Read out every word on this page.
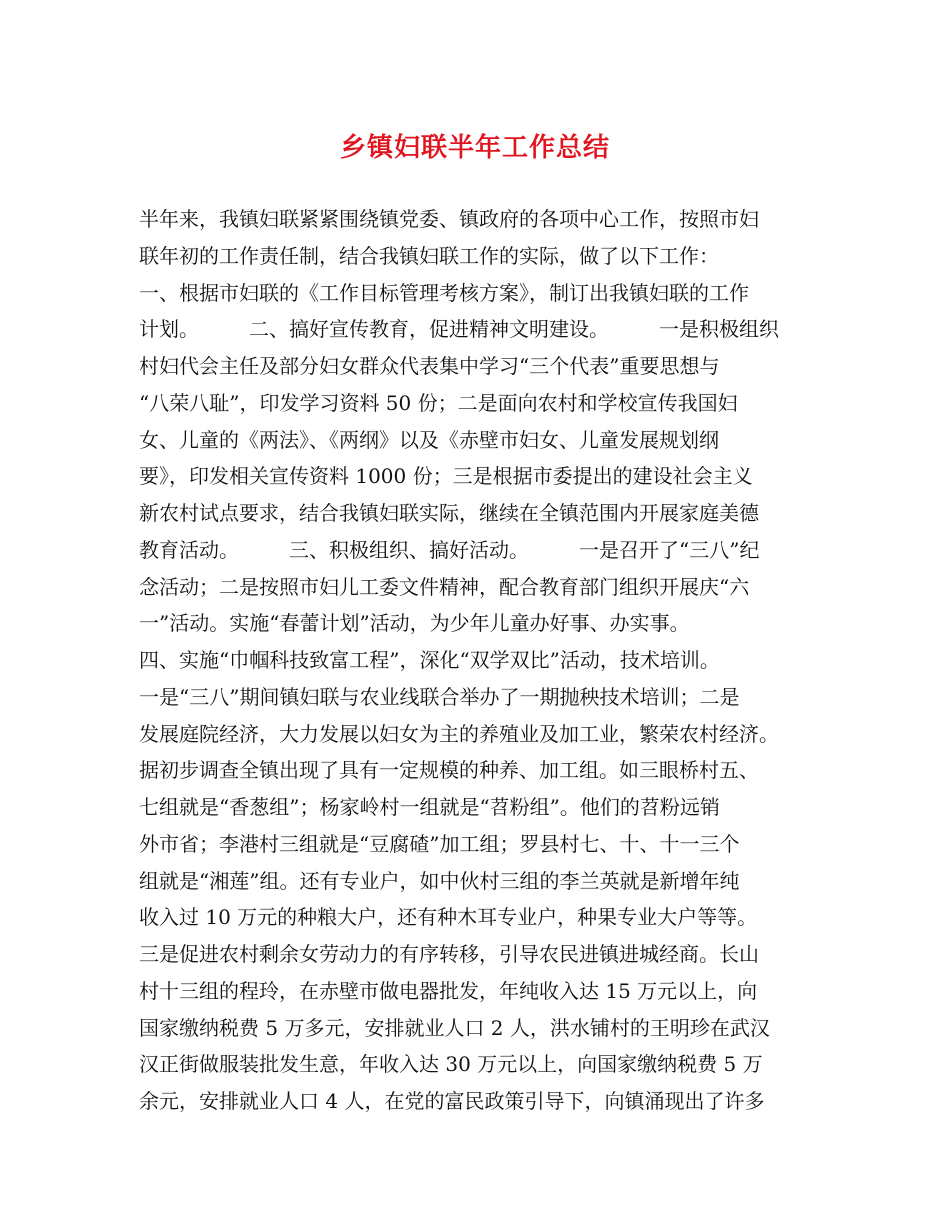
乡镇妇联半年工作总结
半年来，我镇妇联紧紧围绕镇党委、镇政府的各项中心工作，按照市妇
联年初的工作责任制，结合我镇妇联工作的实际，做了以下工作：
一、根据市妇联的《工作目标管理考核方案》，制订出我镇妇联的工作
计划。　　　二、搞好宣传教育，促进精神文明建设。　　　一是积极组织
村妇代会主任及部分妇女群众代表集中学习“三个代表”重要思想与
“八荣八耻”，印发学习资料 50 份；二是面向农村和学校宣传我国妇
女、儿童的《两法》、《两纲》以及《赤壁市妇女、儿童发展规划纲
要》，印发相关宣传资料 1000 份；三是根据市委提出的建设社会主义
新农村试点要求，结合我镇妇联实际，继续在全镇范围内开展家庭美德
教育活动。　　　三、积极组织、搞好活动。　　　一是召开了“三八”纪
念活动；二是按照市妇儿工委文件精神，配合教育部门组织开展庆“六
一”活动。实施“春蕾计划”活动，为少年儿童办好事、办实事。
四、实施“巾帼科技致富工程”，深化“双学双比”活动，技术培训。
一是“三八”期间镇妇联与农业线联合举办了一期抛秧技术培训；二是
发展庭院经济，大力发展以妇女为主的养殖业及加工业，繁荣农村经济。
据初步调查全镇出现了具有一定规模的种养、加工组。如三眼桥村五、
七组就是“香葱组”；杨家岭村一组就是“苕粉组”。他们的苕粉远销
外市省；李港村三组就是“豆腐碴”加工组；罗县村七、十、十一三个
组就是“湘莲”组。还有专业户，如中伙村三组的李兰英就是新增年纯
收入过 10 万元的种粮大户，还有种木耳专业户，种果专业大户等等。
三是促进农村剩余女劳动力的有序转移，引导农民进镇进城经商。长山
村十三组的程玲，在赤壁市做电器批发，年纯收入达 15 万元以上，向
国家缴纳税费 5 万多元，安排就业人口 2 人，洪水铺村的王明珍在武汉
汉正街做服装批发生意，年收入达 30 万元以上，向国家缴纳税费 5 万
余元，安排就业人口 4 人，在党的富民政策引导下，向镇涌现出了许多
